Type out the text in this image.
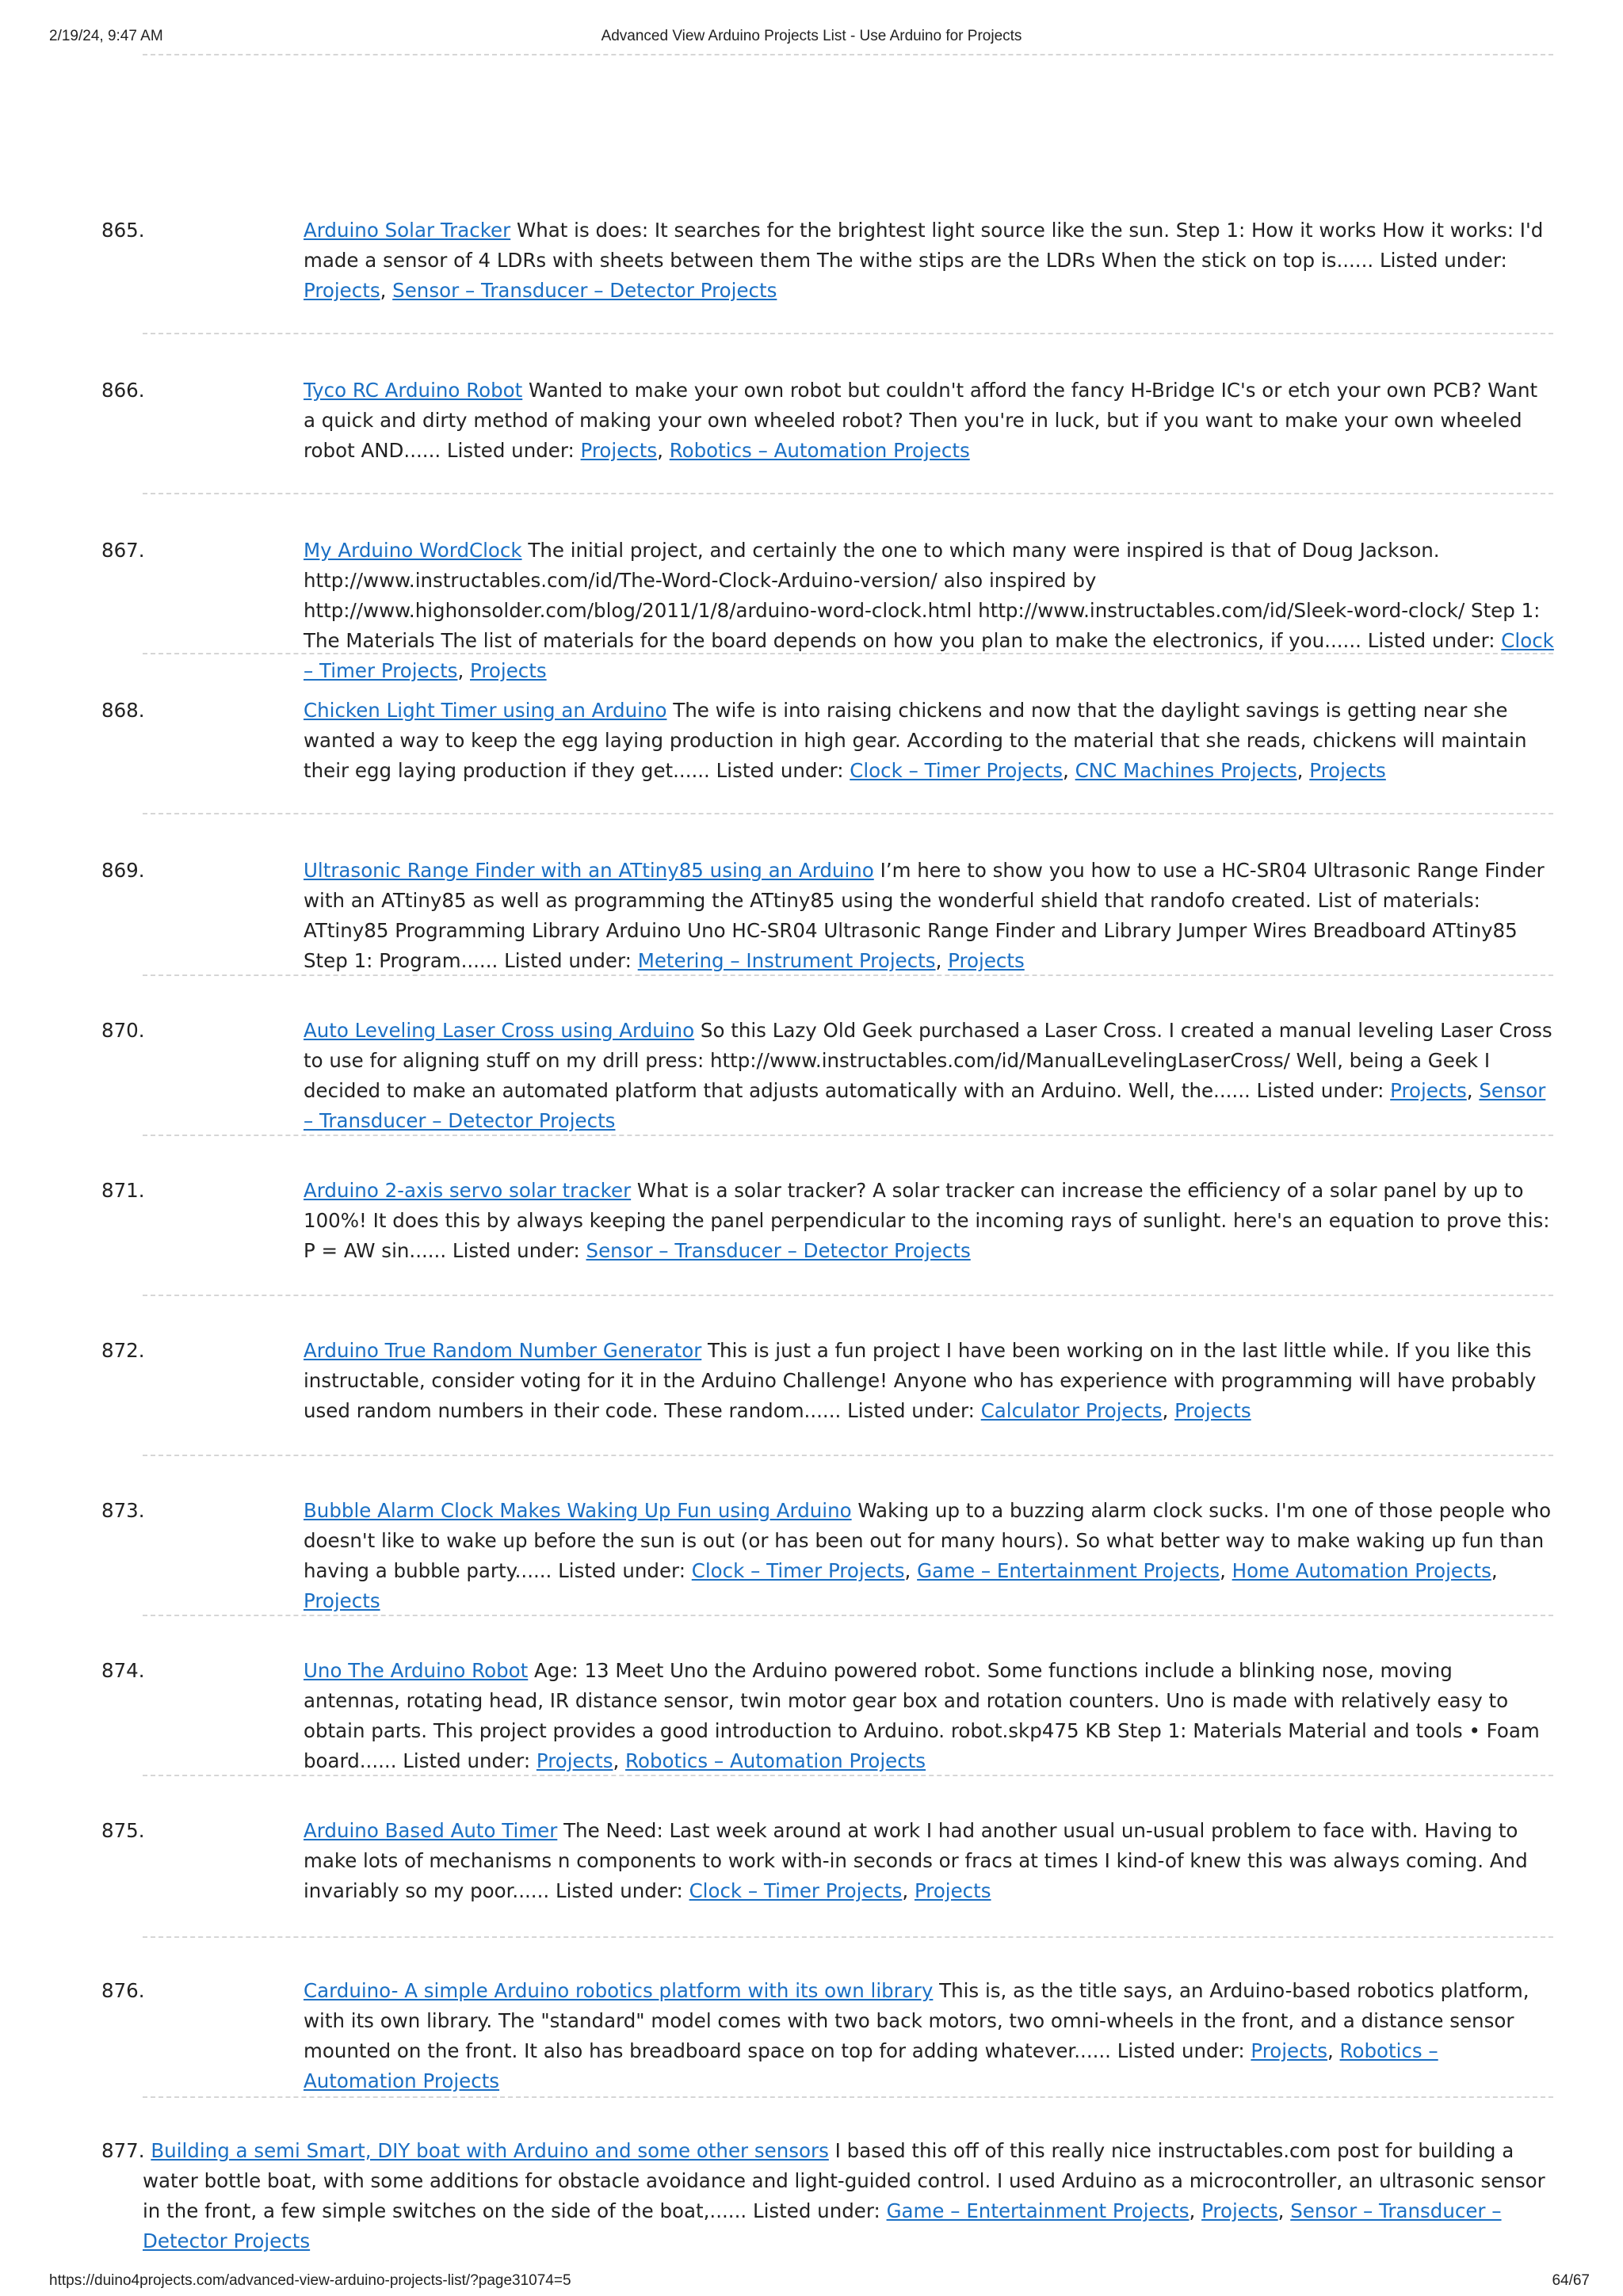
2/19/24, 9:47 AM	Advanced View Arduino Projects List - Use Arduino for Projects
865.	Arduino Solar Tracker What is does: It searches for the brightest light source like the sun. Step 1: How it works How it works: I'd made a sensor of 4 LDRs with sheets between them The withe stips are the LDRs When the stick on top is...... Listed under: Projects, Sensor – Transducer – Detector Projects
866.	Tyco RC Arduino Robot Wanted to make your own robot but couldn't afford the fancy H-Bridge IC's or etch your own PCB? Want a quick and dirty method of making your own wheeled robot? Then you're in luck, but if you want to make your own wheeled robot AND...... Listed under: Projects, Robotics – Automation Projects
867.	My Arduino WordClock The initial project, and certainly the one to which many were inspired is that of Doug Jackson. http://www.instructables.com/id/The-Word-Clock-Arduino-version/ also inspired by http://www.highonsolder.com/blog/2011/1/8/arduino-word-clock.html http://www.instructables.com/id/Sleek-word-clock/ Step 1: The Materials The list of materials for the board depends on how you plan to make the electronics, if you...... Listed under: Clock – Timer Projects, Projects
868.	Chicken Light Timer using an Arduino The wife is into raising chickens and now that the daylight savings is getting near she wanted a way to keep the egg laying production in high gear. According to the material that she reads, chickens will maintain their egg laying production if they get...... Listed under: Clock – Timer Projects, CNC Machines Projects, Projects
869.	Ultrasonic Range Finder with an ATtiny85 using an Arduino I’m here to show you how to use a HC-SR04 Ultrasonic Range Finder with an ATtiny85 as well as programming the ATtiny85 using the wonderful shield that randofo created. List of materials: ATtiny85 Programming Library Arduino Uno HC-SR04 Ultrasonic Range Finder and Library Jumper Wires Breadboard ATtiny85 Step 1: Program...... Listed under: Metering – Instrument Projects, Projects
870.	Auto Leveling Laser Cross using Arduino So this Lazy Old Geek purchased a Laser Cross. I created a manual leveling Laser Cross to use for aligning stuff on my drill press: http://www.instructables.com/id/ManualLevelingLaserCross/ Well, being a Geek I decided to make an automated platform that adjusts automatically with an Arduino. Well, the...... Listed under: Projects, Sensor – Transducer – Detector Projects
871.	Arduino 2-axis servo solar tracker What is a solar tracker? A solar tracker can increase the efficiency of a solar panel by up to 100%! It does this by always keeping the panel perpendicular to the incoming rays of sunlight. here's an equation to prove this: P = AW sin...... Listed under: Sensor – Transducer – Detector Projects
872.	Arduino True Random Number Generator This is just a fun project I have been working on in the last little while. If you like this instructable, consider voting for it in the Arduino Challenge! Anyone who has experience with programming will have probably used random numbers in their code. These random...... Listed under: Calculator Projects, Projects
873.	Bubble Alarm Clock Makes Waking Up Fun using Arduino Waking up to a buzzing alarm clock sucks. I'm one of those people who doesn't like to wake up before the sun is out (or has been out for many hours). So what better way to make waking up fun than having a bubble party...... Listed under: Clock – Timer Projects, Game – Entertainment Projects, Home Automation Projects, Projects
874.	Uno The Arduino Robot Age: 13 Meet Uno the Arduino powered robot. Some functions include a blinking nose, moving antennas, rotating head, IR distance sensor, twin motor gear box and rotation counters. Uno is made with relatively easy to obtain parts. This project provides a good introduction to Arduino. robot.skp475 KB Step 1: Materials Material and tools • Foam board...... Listed under: Projects, Robotics – Automation Projects
875.	Arduino Based Auto Timer The Need: Last week around at work I had another usual un-usual problem to face with. Having to make lots of mechanisms n components to work with-in seconds or fracs at times I kind-of knew this was always coming. And invariably so my poor...... Listed under: Clock – Timer Projects, Projects
876.	Carduino- A simple Arduino robotics platform with its own library This is, as the title says, an Arduino-based robotics platform, with its own library. The "standard" model comes with two back motors, two omni-wheels in the front, and a distance sensor mounted on the front. It also has breadboard space on top for adding whatever...... Listed under: Projects, Robotics – Automation Projects
877. Building a semi Smart, DIY boat with Arduino and some other sensors I based this off of this really nice instructables.com post for building a water bottle boat, with some additions for obstacle avoidance and light-guided control. I used Arduino as a microcontroller, an ultrasonic sensor in the front, a few simple switches on the side of the boat,...... Listed under: Game – Entertainment Projects, Projects, Sensor – Transducer – Detector Projects
https://duino4projects.com/advanced-view-arduino-projects-list/?page31074=5	64/67
